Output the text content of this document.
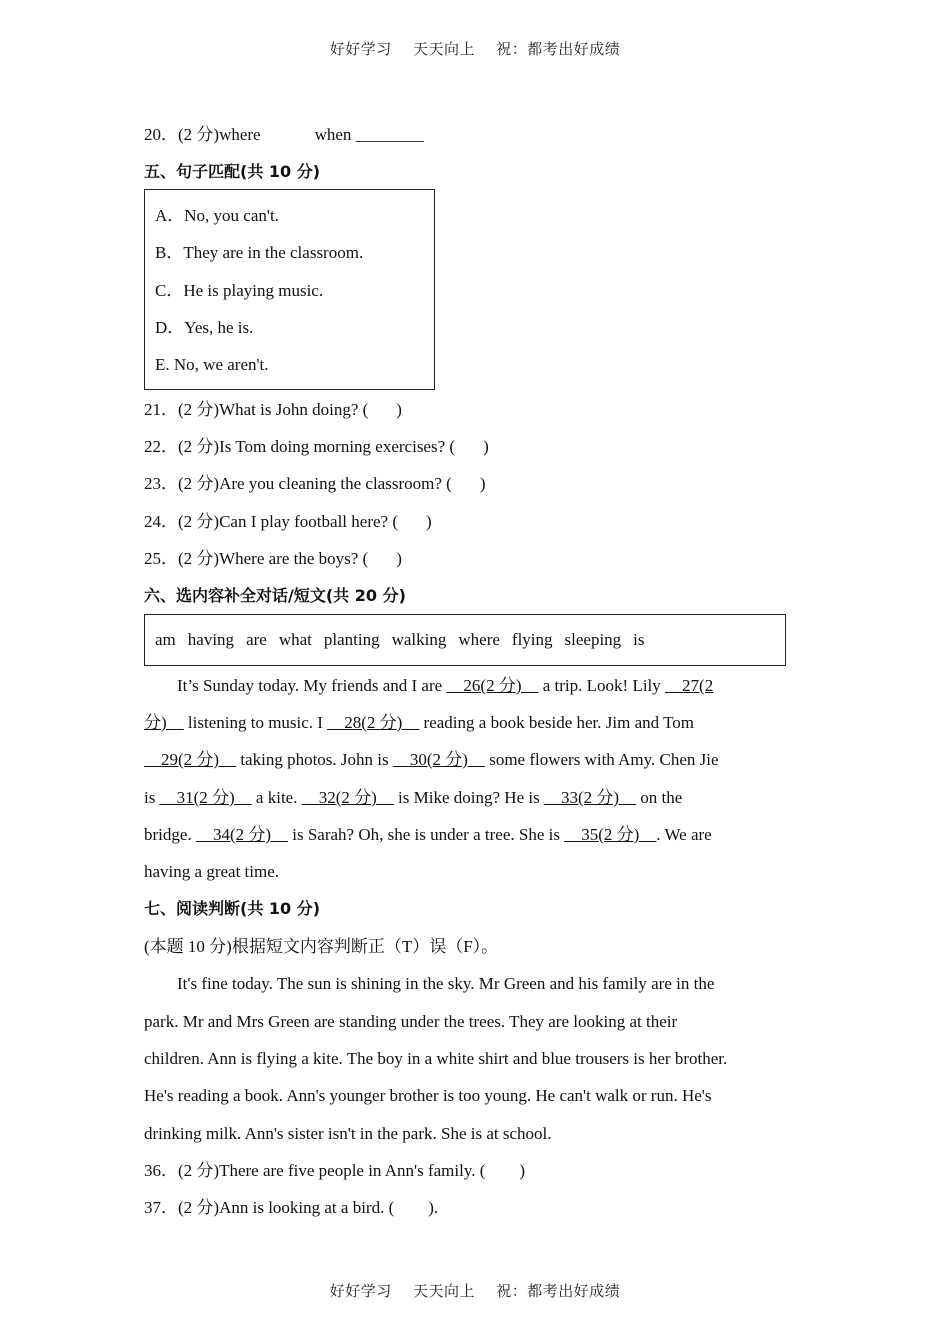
好好学习 天天向上 祝：都考出好成绩
20．(2 分)where	when ________
五、句子匹配(共 10 分)
A．No, you can't.
B．They are in the classroom.
C．He is playing music.
D．Yes, he is.
E. No, we aren't.
21．(2 分)What is John doing? ( )
22．(2 分)Is Tom doing morning exercises? ( )
23．(2 分)Are you cleaning the classroom? ( )
24．(2 分)Can I play football here? ( )
25．(2 分)Where are the boys? ( )
六、选内容补全对话/短文(共 20 分)
am having are what planting walking where flying sleeping is
It’s Sunday today. My friends and I are __26(2 分)__ a trip. Look! Lily __27(2
分)__ listening to music. I __28(2 分)__ reading a book beside her. Jim and Tom
__29(2 分)__ taking photos. John is __30(2 分)__ some flowers with Amy. Chen Jie
is __31(2 分)__ a kite. __32(2 分)__ is Mike doing? He is __33(2 分)__ on the
bridge. __34(2 分)__ is Sarah? Oh, she is under a tree. She is __35(2 分)__. We are
having a great time.
七、阅读判断(共 10 分)
(本题 10 分)根据短文内容判断正（T）误（F）。
It's fine today. The sun is shining in the sky. Mr Green and his family are in the
park. Mr and Mrs Green are standing under the trees. They are looking at their
children. Ann is flying a kite. The boy in a white shirt and blue trousers is her brother.
He's reading a book. Ann's younger brother is too young. He can't walk or run. He's
drinking milk. Ann's sister isn't in the park. She is at school.
36．(2 分)There are five people in Ann's family. ( )
37．(2 分)Ann is looking at a bird. ( ).
好好学习 天天向上 祝：都考出好成绩
